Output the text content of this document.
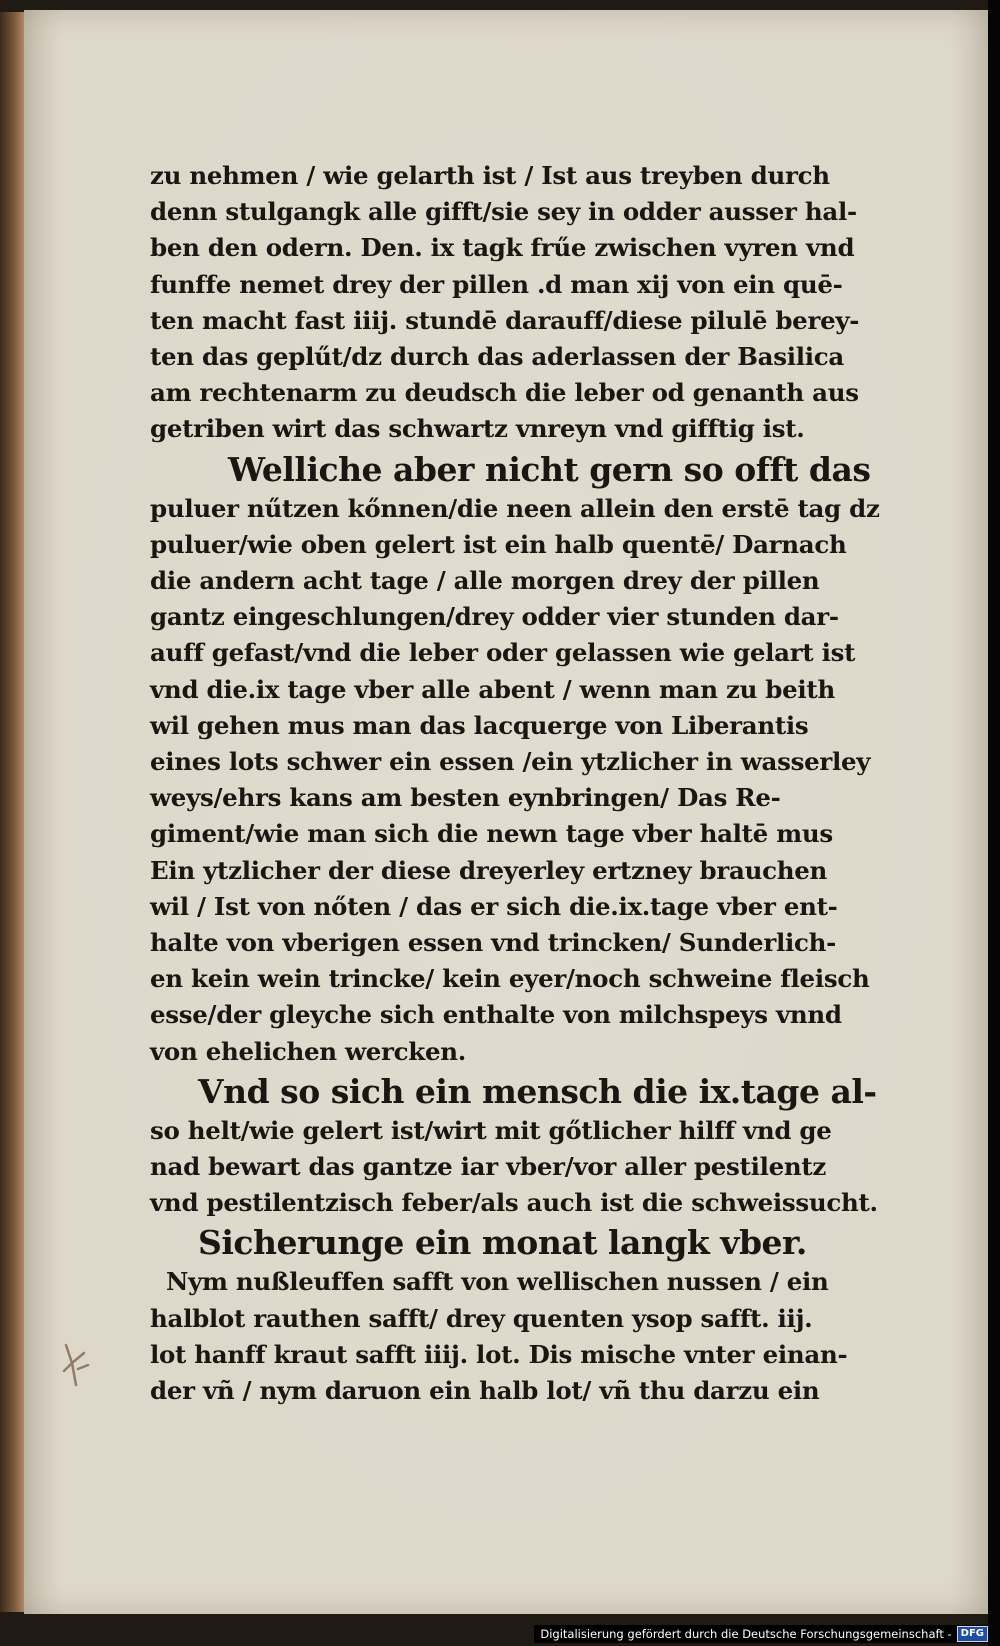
zu nehmen / wie gelarth ist / Ist aus treyben durch
denn stulgangk alle gifft/sie sey in odder ausser hal-
ben den odern. Den. ix tagk frűe zwischen vyren vnd
funffe nemet drey der pillen .d man xij von ein quē-
ten macht fast iiij. stundē darauff/diese pilulē berey-
ten das geplűt/dz durch das aderlassen der Basilica
am rechtenarm zu deudsch die leber od genanth aus
getriben wirt das schwartz vnreyn vnd gifftig ist.
Welliche aber nicht gern so offt das
puluer nűtzen kőnnen/die neen allein den erstē tag dz
puluer/wie oben gelert ist ein halb quentē/ Darnach
die andern acht tage / alle morgen drey der pillen
gantz eingeschlungen/drey odder vier stunden dar-
auff gefast/vnd die leber oder gelassen wie gelart ist
vnd die.ix tage vber alle abent / wenn man zu beith
wil gehen mus man das lacquerge von Liberantis
eines lots schwer ein essen /ein ytzlicher in wasserley
weys/ehrs kans am besten eynbringen/ Das Re-
giment/wie man sich die newn tage vber haltē mus
Ein ytzlicher der diese dreyerley ertzney brauchen
wil / Ist von nőten / das er sich die.ix.tage vber ent-
halte von vberigen essen vnd trincken/ Sunderlich-
en kein wein trincke/ kein eyer/noch schweine fleisch
esse/der gleyche sich enthalte von milchspeys vnnd
von ehelichen wercken.
Vnd so sich ein mensch die ix.tage al-
so helt/wie gelert ist/wirt mit gőtlicher hilff vnd ge
nad bewart das gantze iar vber/vor aller pestilentz
vnd pestilentzisch feber/als auch ist die schweissucht.
Sicherunge ein monat langk vber.
Nym nußleuffen safft von wellischen nussen / ein
halblot rauthen safft/ drey quenten ysop safft. iij.
lot hanff kraut safft iiij. lot. Dis mische vnter einan-
der vñ / nym daruon ein halb lot/ vñ thu darzu ein
Digitalisierung gefördert durch die Deutsche Forschungsgemeinschaft - DFG
